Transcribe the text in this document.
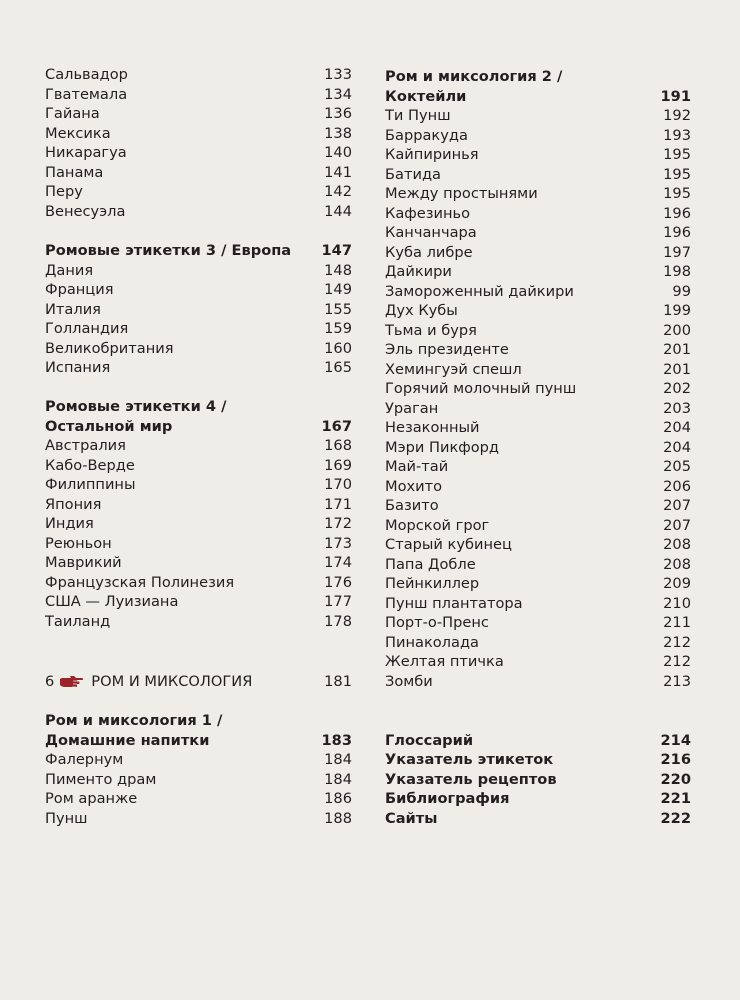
Сальвадор	133
Гватемала	134
Гайана	136
Мексика	138
Никарагуа	140
Панама	141
Перу	142
Венесуэла	144
Ромовые этикетки 3 / Европа 147
Дания	148
Франция	149
Италия	155
Голландия	159
Великобритания	160
Испания	165
Ромовые этикетки 4 /
Остальной мир	167
Австралия	168
Кабо-Верде	169
Филиппины	170
Япония	171
Индия	172
Реюньон	173
Маврикий	174
Французская Полинезия	176
США — Луизиана	177
Таиланд	178
6	РОМ И МИКСОЛОГИЯ	181
Ром и миксология 1 /
Домашние напитки	183
Фалернум	184
Пименто драм	184
Ром аранже	186
Пунш	188
Ром и миксология 2 /
Коктейли	191
Ти Пунш	192
Барракуда	193
Кайпиринья	195
Батида	195
Между простынями	195
Кафезиньо	196
Канчанчара	196
Куба либре	197
Дайкири	198
Замороженный дайкири	99
Дух Кубы	199
Тьма и буря	200
Эль президенте	201
Хемингуэй спешл	201
Горячий молочный пунш	202
Ураган	203
Незаконный	204
Мэри Пикфорд	204
Май-тай	205
Мохито	206
Базито	207
Морской грог	207
Старый кубинец	208
Папа Добле	208
Пейнкиллер	209
Пунш плантатора	210
Порт-о-Пренс	211
Пинаколада	212
Желтая птичка	212
Зомби	213
Глоссарий	214
Указатель этикеток	216
Указатель рецептов	220
Библиография	221
Сайты	222
